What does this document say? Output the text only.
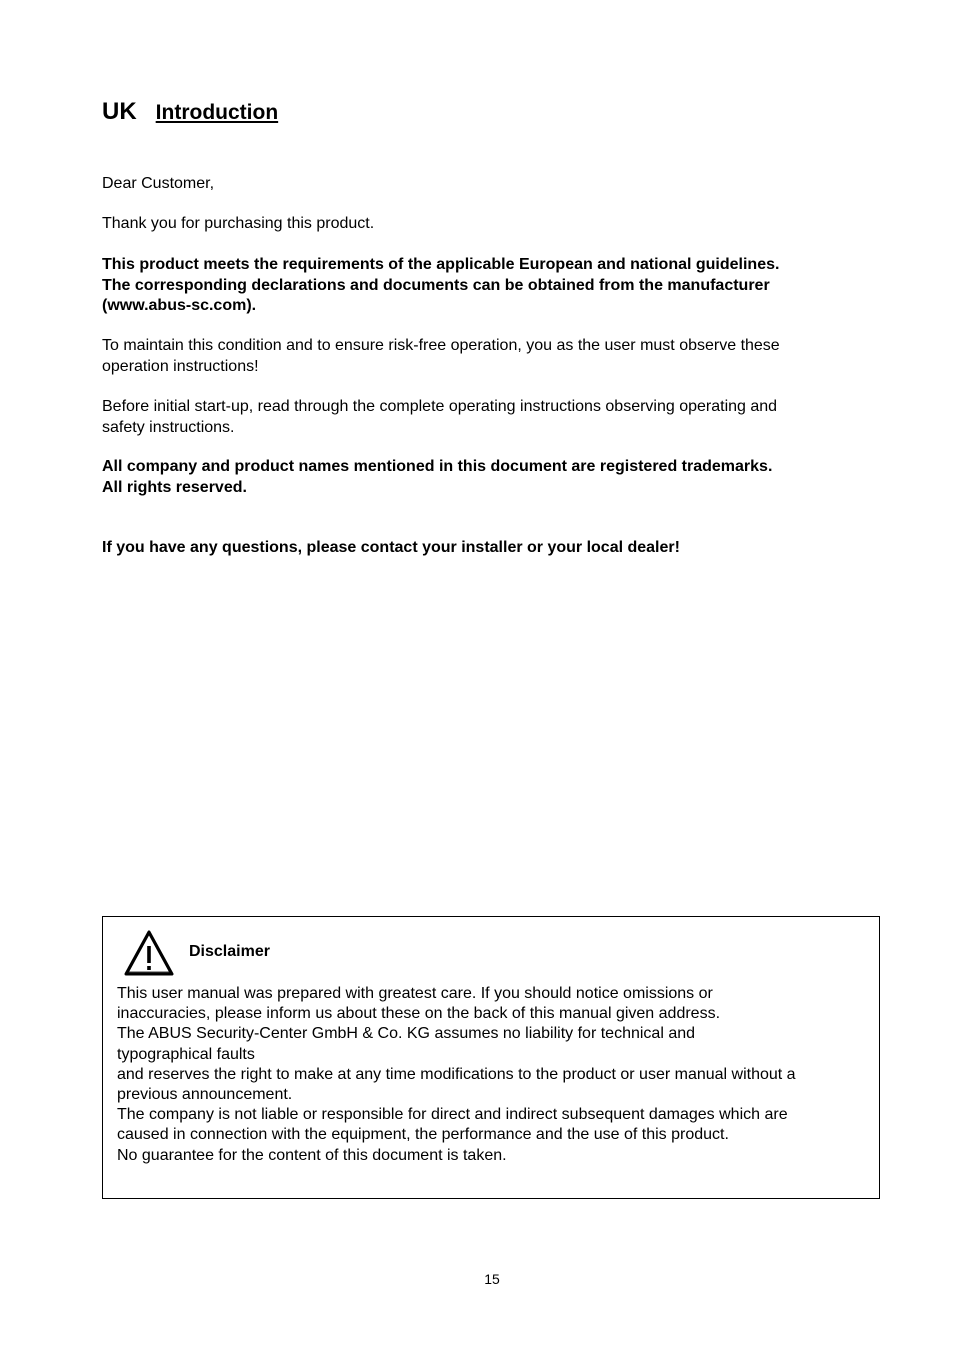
UK Introduction

Dear Customer,

Thank you for purchasing this product.

This product meets the requirements of the applicable European and national guidelines.
The corresponding declarations and documents can be obtained from the manufacturer
(www.abus-sc.com).

To maintain this condition and to ensure risk-free operation, you as the user must observe these
operation instructions!

Before initial start-up, read through the complete operating instructions observing operating and
safety instructions.

All company and product names mentioned in this document are registered trademarks.
All rights reserved.

If you have any questions, please contact your installer or your local dealer!

Disclaimer
This user manual was prepared with greatest care. If you should notice omissions or
inaccuracies, please inform us about these on the back of this manual given address.
The ABUS Security-Center GmbH & Co. KG assumes no liability for technical and
typographical faults
and reserves the right to make at any time modifications to the product or user manual without a
previous announcement.
The company is not liable or responsible for direct and indirect subsequent damages which are
caused in connection with the equipment, the performance and the use of this product.
No guarantee for the content of this document is taken.
15
